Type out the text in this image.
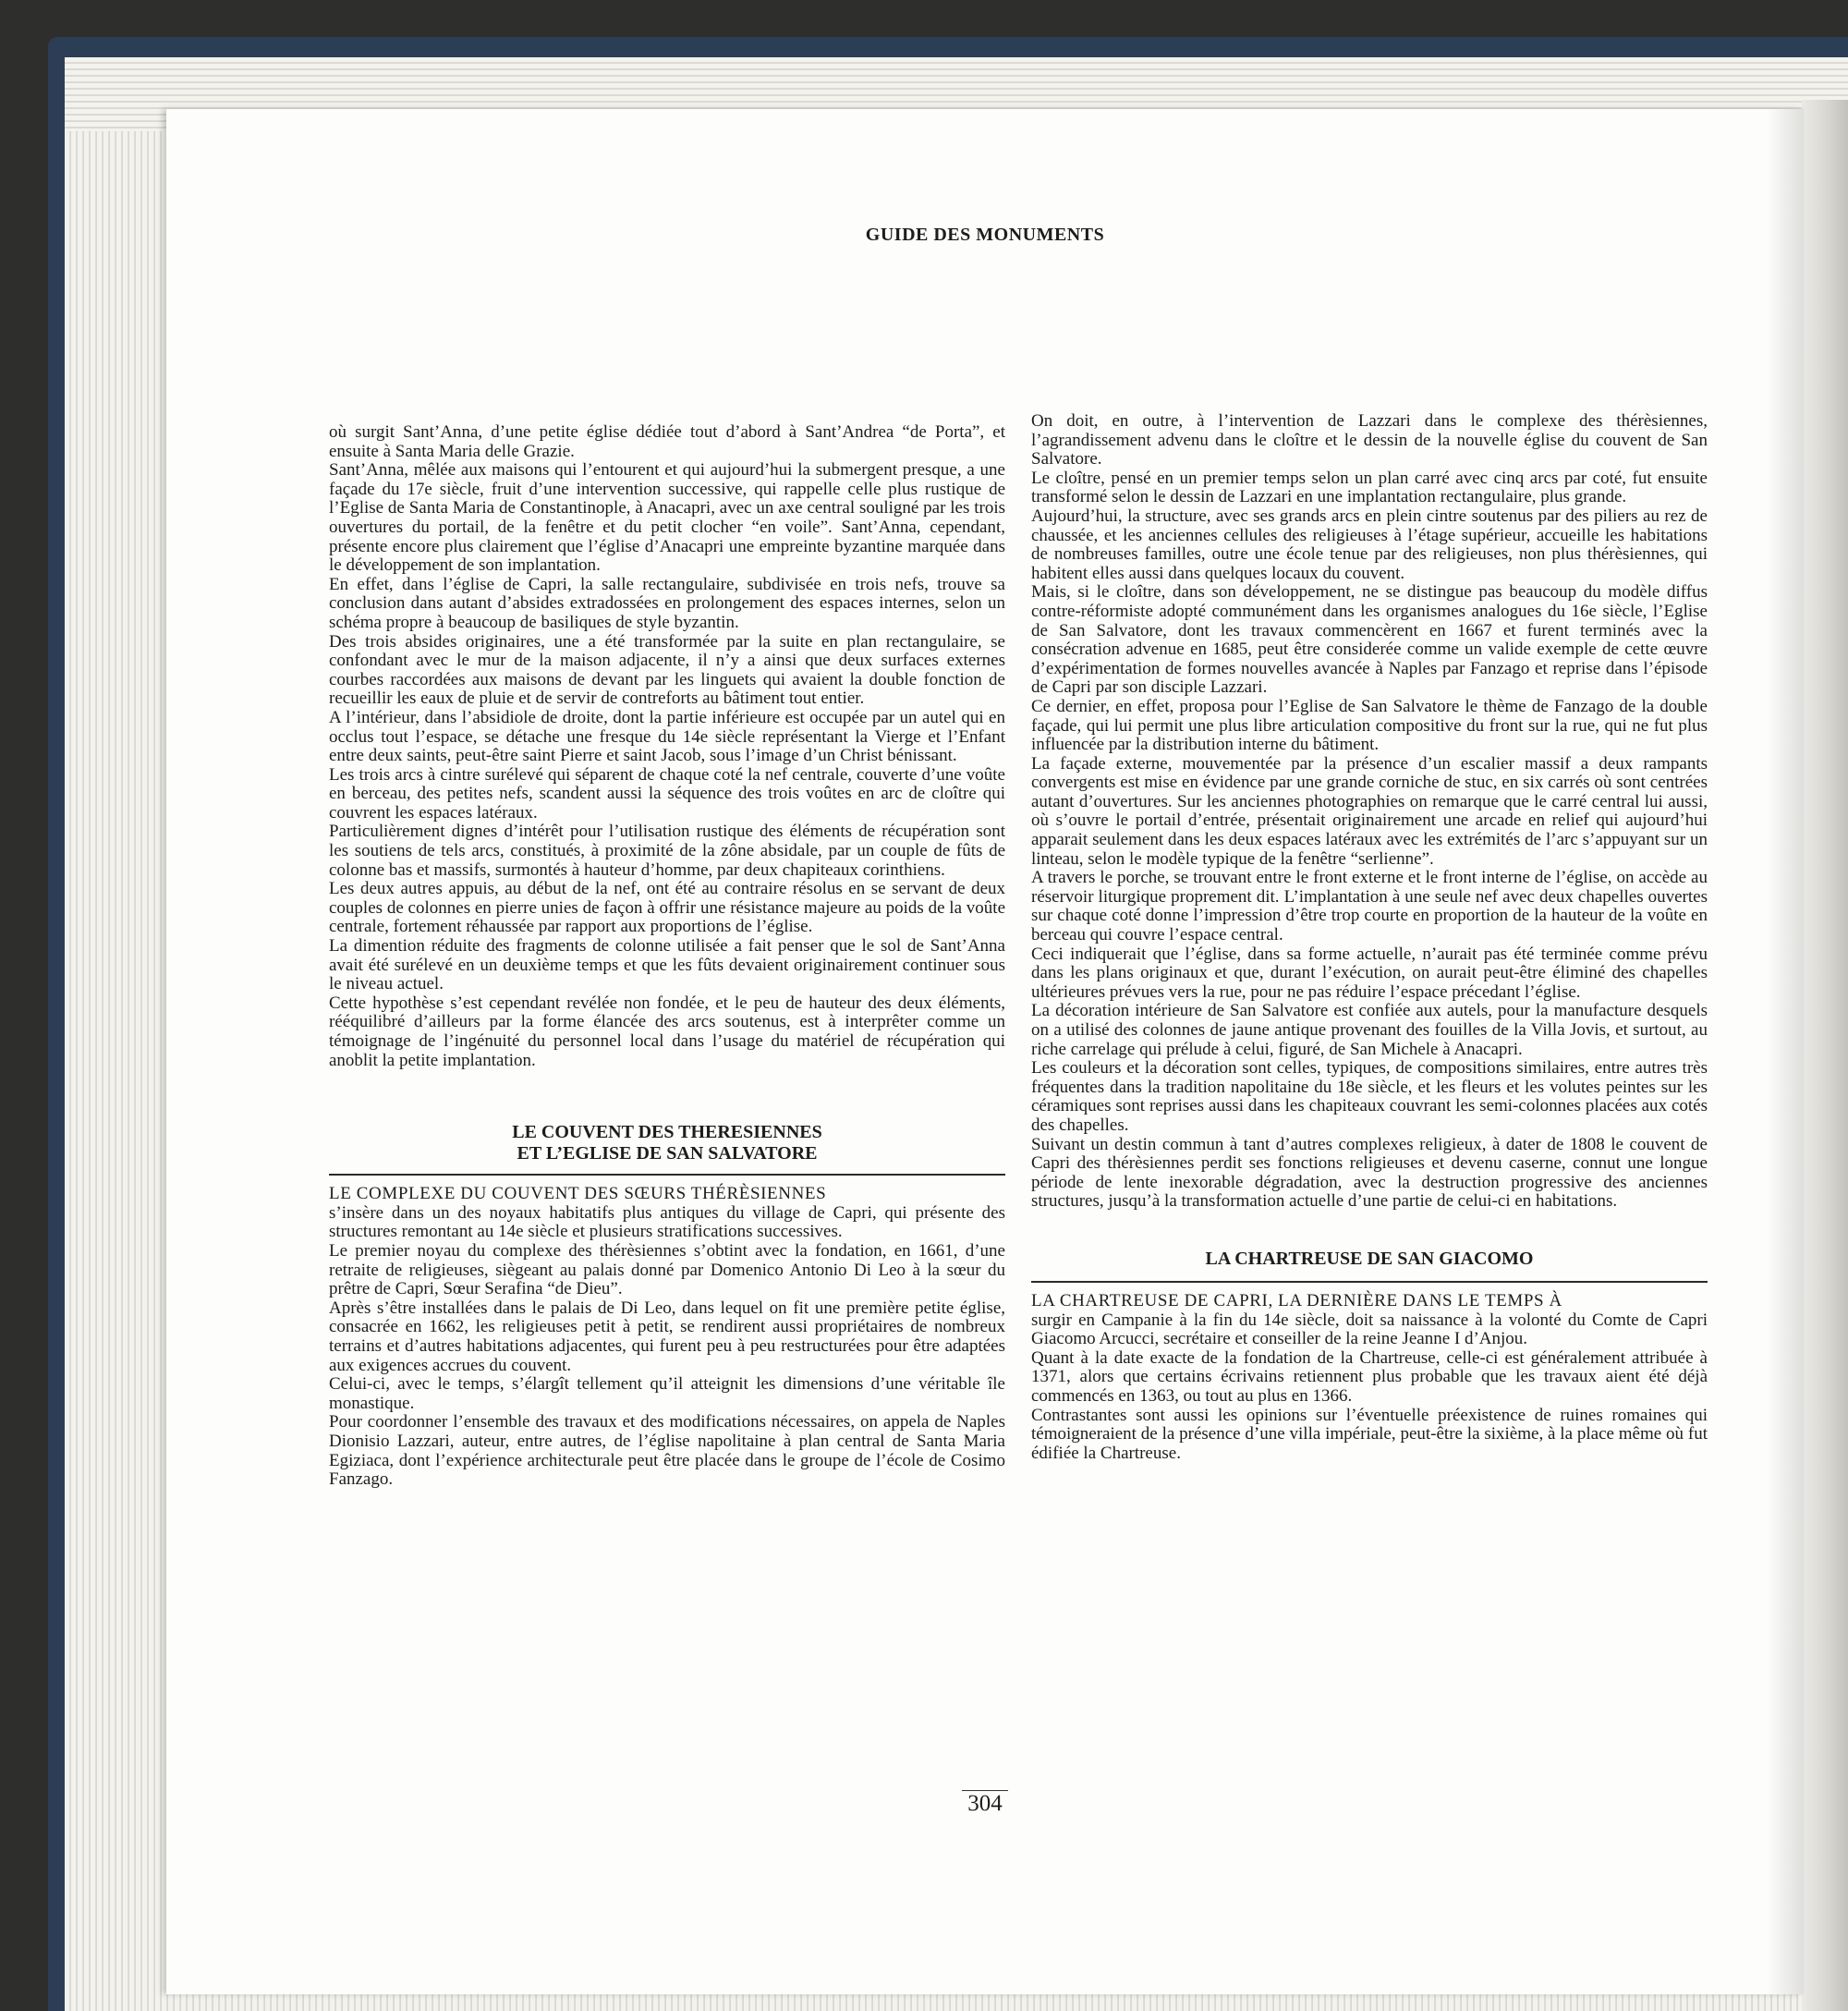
GUIDE DES MONUMENTS

où surgit Sant’Anna, d’une petite église dédiée tout d’abord à Sant’Andrea “de Porta”, et ensuite à Santa Maria delle Grazie.

Sant’Anna, mêlée aux maisons qui l’entourent et qui aujourd’hui la submergent presque, a une façade du 17e siècle, fruit d’une intervention successive, qui rappelle celle plus rustique de l’Eglise de Santa Maria de Constantinople, à Anacapri, avec un axe central souligné par les trois ouvertures du portail, de la fenêtre et du petit clocher “en voile”. Sant’Anna, cependant, présente encore plus clairement que l’église d’Anacapri une empreinte byzantine marquée dans le développement de son implantation.

En effet, dans l’église de Capri, la salle rectangulaire, subdivisée en trois nefs, trouve sa conclusion dans autant d’absides extradossées en prolongement des espaces internes, selon un schéma propre à beaucoup de basiliques de style byzantin.

Des trois absides originaires, une a été transformée par la suite en plan rectangulaire, se confondant avec le mur de la maison adjacente, il n’y a ainsi que deux surfaces externes courbes raccordées aux maisons de devant par les linguets qui avaient la double fonction de recueillir les eaux de pluie et de servir de contreforts au bâtiment tout entier.

A l’intérieur, dans l’absidiole de droite, dont la partie inférieure est occupée par un autel qui en occlus tout l’espace, se détache une fresque du 14e siècle représentant la Vierge et l’Enfant entre deux saints, peut-être saint Pierre et saint Jacob, sous l’image d’un Christ bénissant.

Les trois arcs à cintre surélevé qui séparent de chaque coté la nef centrale, couverte d’une voûte en berceau, des petites nefs, scandent aussi la séquence des trois voûtes en arc de cloître qui couvrent les espaces latéraux.

Particulièrement dignes d’intérêt pour l’utilisation rustique des éléments de récupération sont les soutiens de tels arcs, constitués, à proximité de la zône absidale, par un couple de fûts de colonne bas et massifs, surmontés à hauteur d’homme, par deux chapiteaux corinthiens.

Les deux autres appuis, au début de la nef, ont été au contraire résolus en se servant de deux couples de colonnes en pierre unies de façon à offrir une résistance majeure au poids de la voûte centrale, fortement réhaussée par rapport aux proportions de l’église.

La dimention réduite des fragments de colonne utilisée a fait penser que le sol de Sant’Anna avait été surélevé en un deuxième temps et que les fûts devaient originairement continuer sous le niveau actuel.

Cette hypothèse s’est cependant revélée non fondée, et le peu de hauteur des deux éléments, rééquilibré d’ailleurs par la forme élancée des arcs soutenus, est à interprêter comme un témoignage de l’ingénuité du personnel local dans l’usage du matériel de récupération qui anoblit la petite implantation.

LE COUVENT DES THERESIENNES
ET L’EGLISE DE SAN SALVATORE

LE COMPLEXE DU COUVENT DES SŒURS THÉRÈSIENNES

s’insère dans un des noyaux habitatifs plus antiques du village de Capri, qui présente des structures remontant au 14e siècle et plusieurs stratifications successives.

Le premier noyau du complexe des thérèsiennes s’obtint avec la fondation, en 1661, d’une retraite de religieuses, siègeant au palais donné par Domenico Antonio Di Leo à la sœur du prêtre de Capri, Sœur Serafina “de Dieu”.

Après s’être installées dans le palais de Di Leo, dans lequel on fit une première petite église, consacrée en 1662, les religieuses petit à petit, se rendirent aussi propriétaires de nombreux terrains et d’autres habitations adjacentes, qui furent peu à peu restructurées pour être adaptées aux exigences accrues du couvent.

Celui-ci, avec le temps, s’élargît tellement qu’il atteignit les dimensions d’une véritable île monastique.

Pour coordonner l’ensemble des travaux et des modifications nécessaires, on appela de Naples Dionisio Lazzari, auteur, entre autres, de l’église napolitaine à plan central de Santa Maria Egiziaca, dont l’expérience architecturale peut être placée dans le groupe de l’école de Cosimo Fanzago.

On doit, en outre, à l’intervention de Lazzari dans le complexe des thérèsiennes, l’agrandissement advenu dans le cloître et le dessin de la nouvelle église du couvent de San Salvatore.

Le cloître, pensé en un premier temps selon un plan carré avec cinq arcs par coté, fut ensuite transformé selon le dessin de Lazzari en une implantation rectangulaire, plus grande.

Aujourd’hui, la structure, avec ses grands arcs en plein cintre soutenus par des piliers au rez de chaussée, et les anciennes cellules des religieuses à l’étage supérieur, accueille les habitations de nombreuses familles, outre une école tenue par des religieuses, non plus thérèsiennes, qui habitent elles aussi dans quelques locaux du couvent.

Mais, si le cloître, dans son développement, ne se distingue pas beaucoup du modèle diffus contre-réformiste adopté communément dans les organismes analogues du 16e siècle, l’Eglise de San Salvatore, dont les travaux commencèrent en 1667 et furent terminés avec la consécration advenue en 1685, peut être considerée comme un valide exemple de cette œuvre d’expérimentation de formes nouvelles avancée à Naples par Fanzago et reprise dans l’épisode de Capri par son disciple Lazzari.

Ce dernier, en effet, proposa pour l’Eglise de San Salvatore le thème de Fanzago de la double façade, qui lui permit une plus libre articulation compositive du front sur la rue, qui ne fut plus influencée par la distribution interne du bâtiment.

La façade externe, mouvementée par la présence d’un escalier massif a deux rampants convergents est mise en évidence par une grande corniche de stuc, en six carrés où sont centrées autant d’ouvertures. Sur les anciennes photographies on remarque que le carré central lui aussi, où s’ouvre le portail d’entrée, présentait originairement une arcade en relief qui aujourd’hui apparait seulement dans les deux espaces latéraux avec les extrémités de l’arc s’appuyant sur un linteau, selon le modèle typique de la fenêtre “serlienne”.

A travers le porche, se trouvant entre le front externe et le front interne de l’église, on accède au réservoir liturgique proprement dit. L’implantation à une seule nef avec deux chapelles ouvertes sur chaque coté donne l’impression d’être trop courte en proportion de la hauteur de la voûte en berceau qui couvre l’espace central.

Ceci indiquerait que l’église, dans sa forme actuelle, n’aurait pas été terminée comme prévu dans les plans originaux et que, durant l’exécution, on aurait peut-être éliminé des chapelles ultérieures prévues vers la rue, pour ne pas réduire l’espace précedant l’église.

La décoration intérieure de San Salvatore est confiée aux autels, pour la manufacture desquels on a utilisé des colonnes de jaune antique provenant des fouilles de la Villa Jovis, et surtout, au riche carrelage qui prélude à celui, figuré, de San Michele à Anacapri.

Les couleurs et la décoration sont celles, typiques, de compositions similaires, entre autres très fréquentes dans la tradition napolitaine du 18e siècle, et les fleurs et les volutes peintes sur les céramiques sont reprises aussi dans les chapiteaux couvrant les semi-colonnes placées aux cotés des chapelles.

Suivant un destin commun à tant d’autres complexes religieux, à dater de 1808 le couvent de Capri des thérèsiennes perdit ses fonctions religieuses et devenu caserne, connut une longue période de lente inexorable dégradation, avec la destruction progressive des anciennes structures, jusqu’à la transformation actuelle d’une partie de celui-ci en habitations.

LA CHARTREUSE DE SAN GIACOMO

LA CHARTREUSE DE CAPRI, LA DERNIÈRE DANS LE TEMPS À

surgir en Campanie à la fin du 14e siècle, doit sa naissance à la volonté du Comte de Capri Giacomo Arcucci, secrétaire et conseiller de la reine Jeanne I d’Anjou.

Quant à la date exacte de la fondation de la Chartreuse, celle-ci est généralement attribuée à 1371, alors que certains écrivains retiennent plus probable que les travaux aient été déjà commencés en 1363, ou tout au plus en 1366.

Contrastantes sont aussi les opinions sur l’éventuelle préexistence de ruines romaines qui témoigneraient de la présence d’une villa impériale, peut-être la sixième, à la place même où fut édifiée la Chartreuse.

304
